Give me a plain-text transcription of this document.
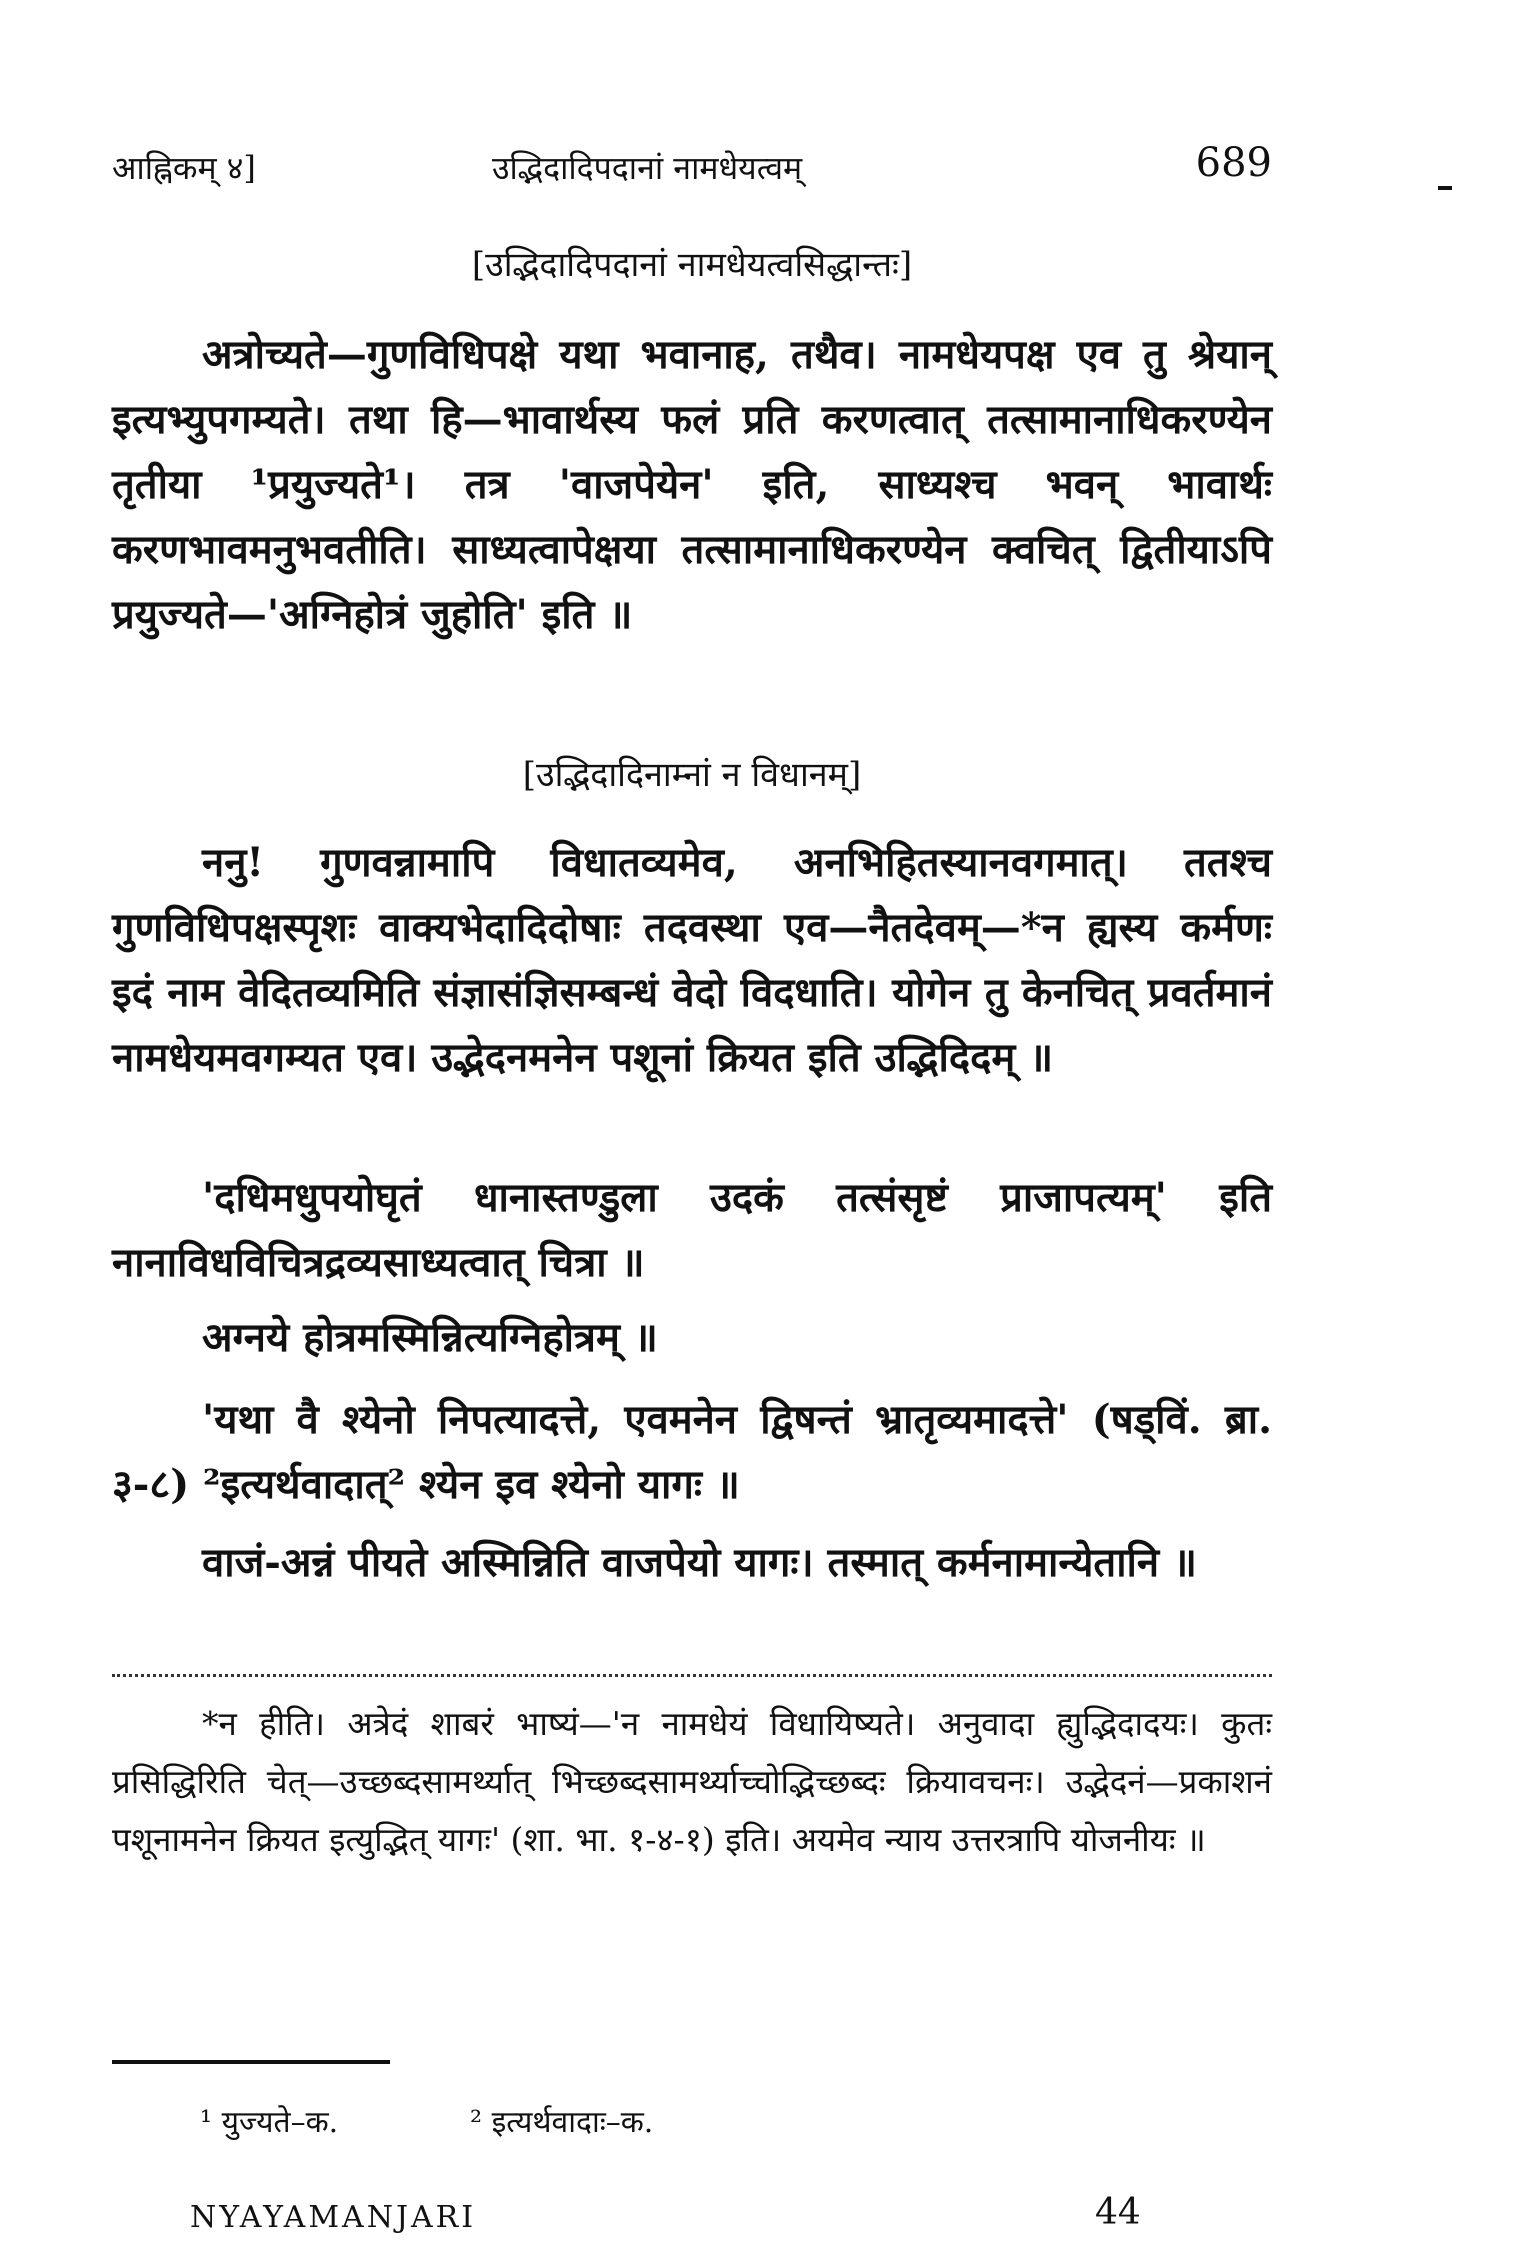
आह्निकम् ४]	उद्भिदादिपदानां नामधेयत्वम्	689
[उद्भिदादिपदानां नामधेयत्वसिद्धान्तः]
अत्रोच्यते—गुणविधिपक्षे यथा भवानाह, तथैव। नामधेयपक्ष एव तु श्रेयान् इत्यभ्युपगम्यते। तथा हि—भावार्थस्य फलं प्रति करणत्वात् तत्सामानाधिकरण्येन तृतीया ¹प्रयुज्यते¹। तत्र 'वाजपेयेन' इति, साध्यश्च भवन् भावार्थः करणभावमनुभवतीति। साध्यत्वापेक्षया तत्सामानाधिकरण्येन क्वचित् द्वितीयाऽपि प्रयुज्यते—'अग्निहोत्रं जुहोति' इति ॥
[उद्भिदादिनाम्नां न विधानम्]
ननु! गुणवन्नामापि विधातव्यमेव, अनभिहितस्यानवगमात्। ततश्च गुणविधिपक्षस्पृशः वाक्यभेदादिदोषाः तदवस्था एव—नैतदेवम्—*न ह्यस्य कर्मणः इदं नाम वेदितव्यमिति संज्ञासंज्ञिसम्बन्धं वेदो विदधाति। योगेन तु केनचित् प्रवर्तमानं नामधेयमवगम्यत एव। उद्भेदनमनेन पशूनां क्रियत इति उद्भिदिदम् ॥
'दधिमधुपयोघृतं धानास्तण्डुला उदकं तत्संसृष्टं प्राजापत्यम्' इति नानाविधविचित्रद्रव्यसाध्यत्वात् चित्रा ॥
अग्नये होत्रमस्मिन्नित्यग्निहोत्रम् ॥
'यथा वै श्येनो निपत्यादत्ते, एवमनेन द्विषन्तं भ्रातृव्यमादत्ते' (षड्विं. ब्रा. ३-८) ²इत्यर्थवादात्² श्येन इव श्येनो यागः ॥
वाजं-अन्नं पीयते अस्मिन्निति वाजपेयो यागः। तस्मात् कर्मनामान्येतानि ॥
*न हीति। अत्रेदं शाबरं भाष्यं—'न नामधेयं विधायिष्यते। अनुवादा ह्युद्भिदादयः। कुतः प्रसिद्धिरिति चेत्—उच्छब्दसामर्थ्यात् भिच्छब्दसामर्थ्याच्चोद्भिच्छब्दः क्रियावचनः। उद्भेदनं—प्रकाशनं पशूनामनेन क्रियत इत्युद्भित् यागः' (शा. भा. १-४-१) इति। अयमेव न्याय उत्तरत्रापि योजनीयः ॥
¹ युज्यते–क.	² इत्यर्थवादाः–क.
NYAYAMANJARI	44
